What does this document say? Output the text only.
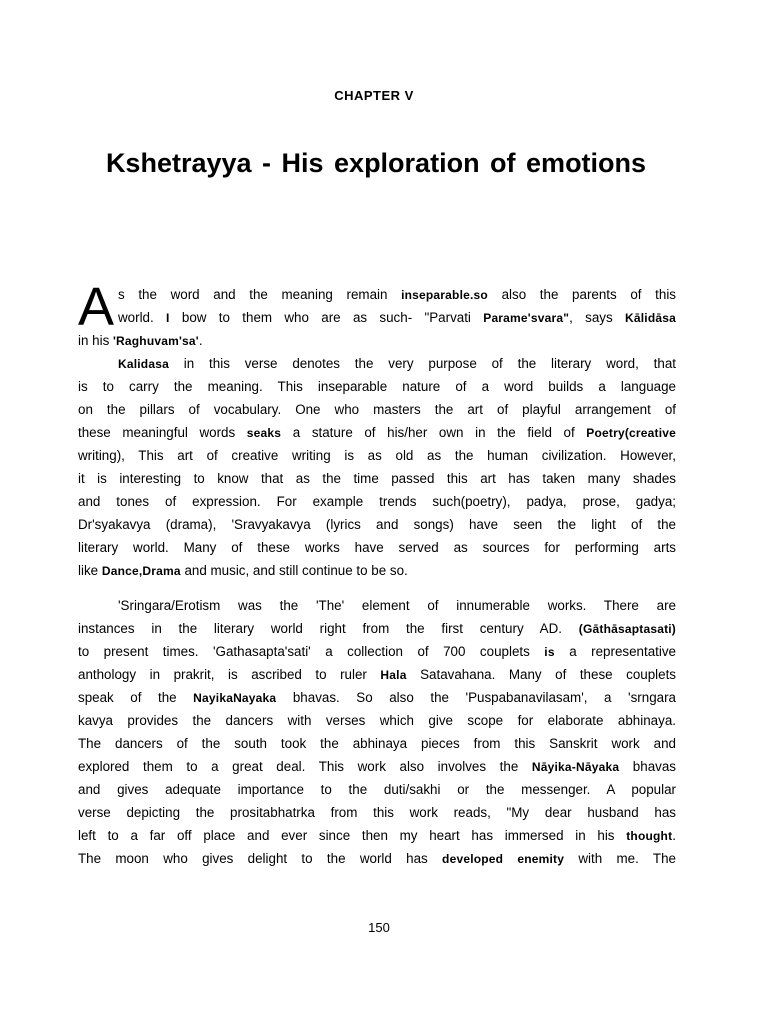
CHAPTER V
Kshetrayya - His exploration of emotions
A s the word and the meaning remain inseparable.so also the parents of this
world. I bow to them who are as such- "Parvati Parame'svara", says Kālidāsa
in his 'Raghuvam'sa'.
Kalidasa in this verse denotes the very purpose of the literary word, that
is to carry the meaning. This inseparable nature of a word builds a language
on the pillars of vocabulary. One who masters the art of playful arrangement of
these meaningful words seaks a stature of his/her own in the field of Poetry(creative
writing), This art of creative writing is as old as the human civilization. However,
it is interesting to know that as the time passed this art has taken many shades
and tones of expression. For example trends such(poetry), padya, prose, gadya;
Dr'syakavya (drama), 'Sravyakavya (lyrics and songs) have seen the light of the
literary world. Many of these works have served as sources for performing arts
like Dance,Drama and music, and still continue to be so.
'Sringara/Erotism was the 'The' element of innumerable works. There are
instances in the literary world right from the first century AD. (Gāthāsaptasati)
to present times. 'Gathasapta'sati' a collection of 700 couplets is a representative
anthology in prakrit, is ascribed to ruler Hala Satavahana. Many of these couplets
speak of the NayikaNayaka bhavas. So also the 'Puspabanavilasam', a 'srngara
kavya provides the dancers with verses which give scope for elaborate abhinaya.
The dancers of the south took the abhinaya pieces from this Sanskrit work and
explored them to a great deal. This work also involves the Nāyika-Nāyaka bhavas
and gives adequate importance to the duti/sakhi or the messenger. A popular
verse depicting the prositabhatrka from this work reads, "My dear husband has
left to a far off place and ever since then my heart has immersed in his thought.
The moon who gives delight to the world has developed enemity with me. The
150
